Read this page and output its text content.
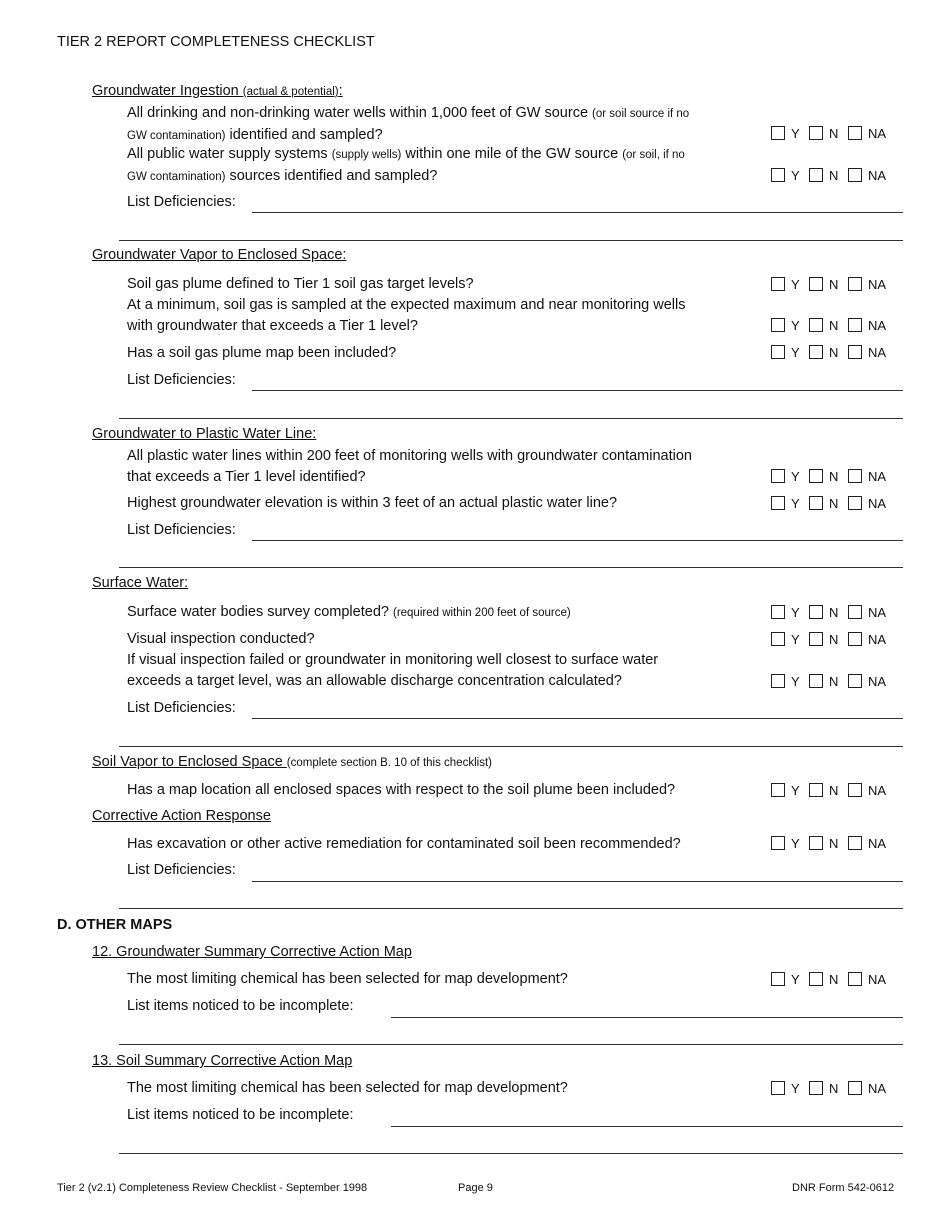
TIER 2 REPORT COMPLETENESS CHECKLIST
Groundwater Ingestion (actual & potential):
All drinking and non-drinking water wells within 1,000 feet of GW source (or soil source if no
GW contamination) identified and sampled?	Y N NA
All public water supply systems (supply wells) within one mile of the GW source (or soil, if no
GW contamination) sources identified and sampled?	Y N NA
List Deficiencies:
Groundwater Vapor to Enclosed Space:
Soil gas plume defined to Tier 1 soil gas target levels?	Y N NA
At a minimum, soil gas is sampled at the expected maximum and near monitoring wells
with groundwater that exceeds a Tier 1 level?	Y N NA
Has a soil gas plume map been included?	Y N NA
List Deficiencies:
Groundwater to Plastic Water Line:
All plastic water lines within 200 feet of monitoring wells with groundwater contamination
that exceeds a Tier 1 level identified?	Y N NA
Highest groundwater elevation is within 3 feet of an actual plastic water line?	Y N NA
List Deficiencies:
Surface Water:
Surface water bodies survey completed? (required within 200 feet of source)	Y N NA
Visual inspection conducted?	Y N NA
If visual inspection failed or groundwater in monitoring well closest to surface water
exceeds a target level, was an allowable discharge concentration calculated?	Y N NA
List Deficiencies:
Soil Vapor to Enclosed Space (complete section B. 10 of this checklist)
Has a map location all enclosed spaces with respect to the soil plume been included?	Y N NA
Corrective Action Response
Has excavation or other active remediation for contaminated soil been recommended?	Y N NA
List Deficiencies:
D. OTHER MAPS
12. Groundwater Summary Corrective Action Map
The most limiting chemical has been selected for map development?	Y N NA
List items noticed to be incomplete:
13. Soil Summary Corrective Action Map
The most limiting chemical has been selected for map development?	Y N NA
List items noticed to be incomplete:
Tier 2 (v2.1) Completeness Review Checklist - September 1998	Page 9	DNR Form 542-0612
